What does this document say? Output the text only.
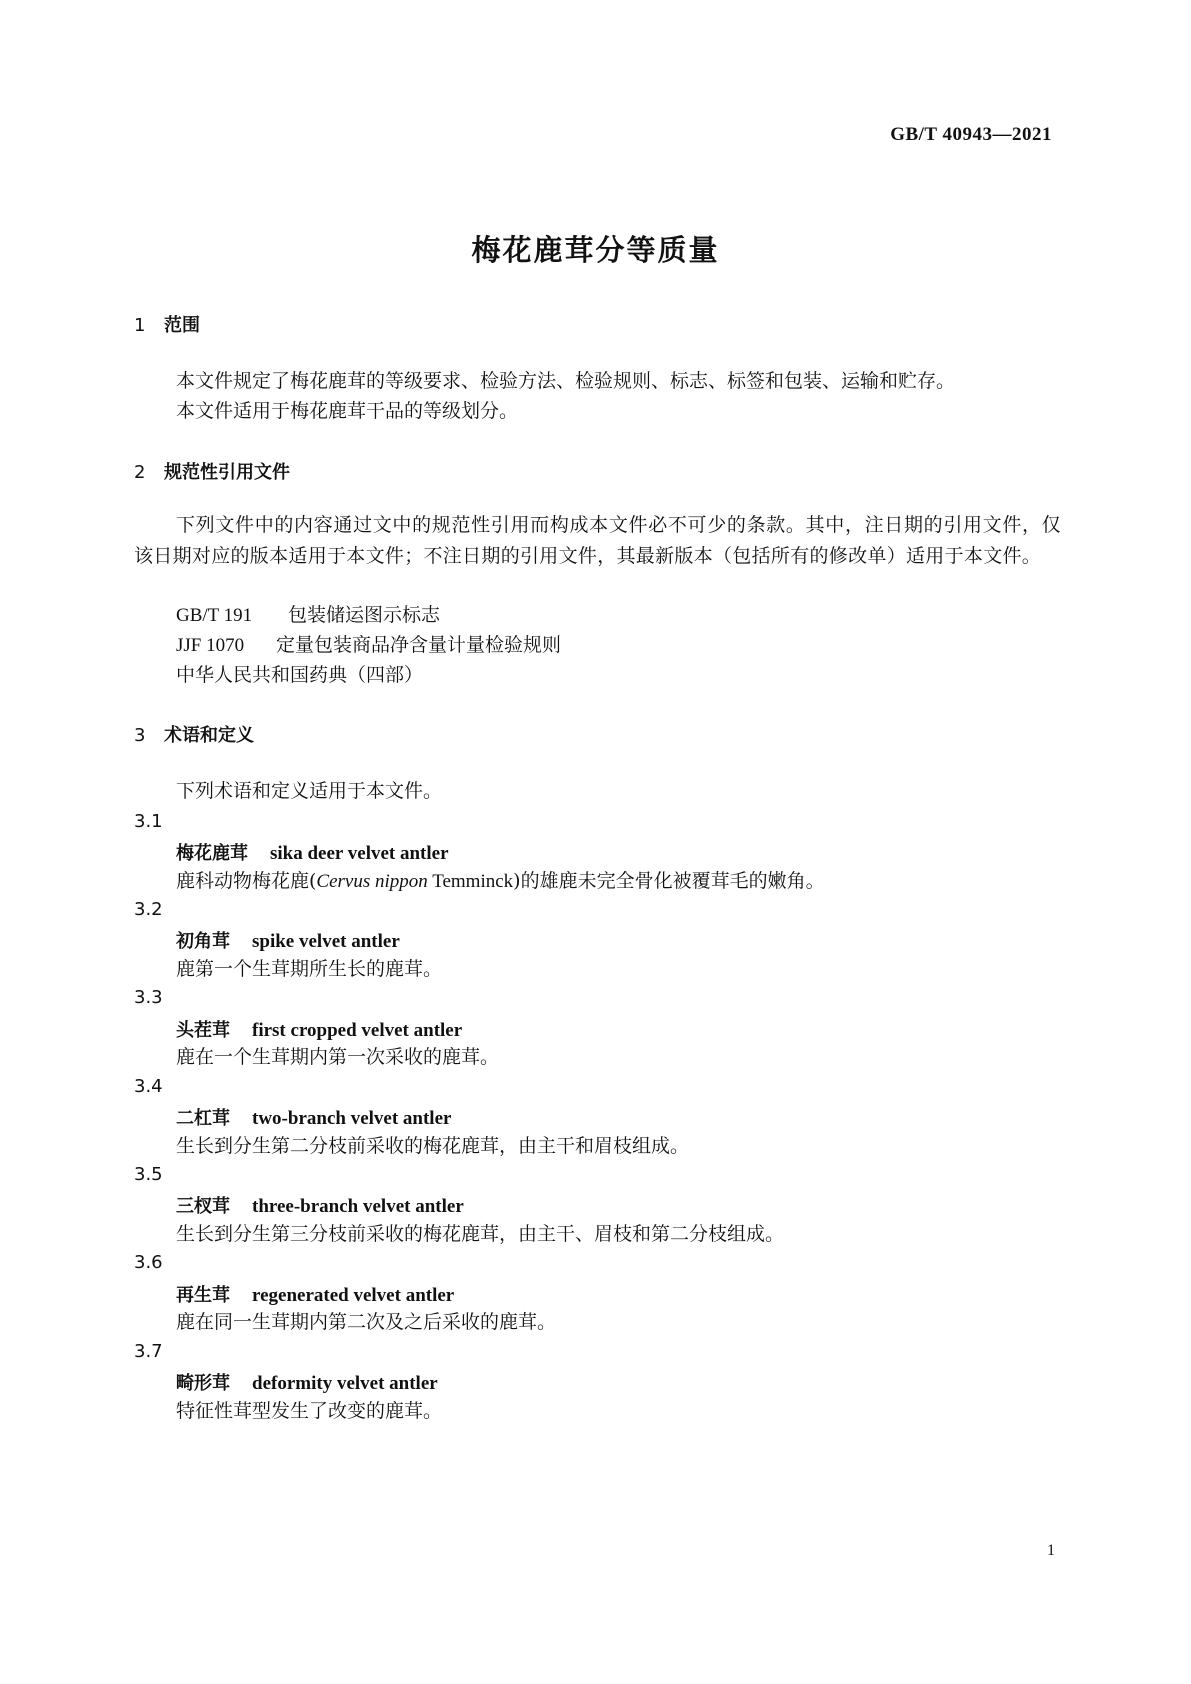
GB/T 40943—2021
梅花鹿茸分等质量
1 范围
本文件规定了梅花鹿茸的等级要求、检验方法、检验规则、标志、标签和包装、运输和贮存。
本文件适用于梅花鹿茸干品的等级划分。
2 规范性引用文件
下列文件中的内容通过文中的规范性引用而构成本文件必不可少的条款。其中，注日期的引用文件，仅该日期对应的版本适用于本文件；不注日期的引用文件，其最新版本（包括所有的修改单）适用于本文件。
GB/T 191 包装储运图示标志
JJF 1070 定量包装商品净含量计量检验规则
中华人民共和国药典（四部）
3 术语和定义
下列术语和定义适用于本文件。
3.1
梅花鹿茸 sika deer velvet antler
鹿科动物梅花鹿(Cervus nippon Temminck)的雄鹿未完全骨化被覆茸毛的嫩角。
3.2
初角茸 spike velvet antler
鹿第一个生茸期所生长的鹿茸。
3.3
头茬茸 first cropped velvet antler
鹿在一个生茸期内第一次采收的鹿茸。
3.4
二杠茸 two-branch velvet antler
生长到分生第二分枝前采收的梅花鹿茸，由主干和眉枝组成。
3.5
三杈茸 three-branch velvet antler
生长到分生第三分枝前采收的梅花鹿茸，由主干、眉枝和第二分枝组成。
3.6
再生茸 regenerated velvet antler
鹿在同一生茸期内第二次及之后采收的鹿茸。
3.7
畸形茸 deformity velvet antler
特征性茸型发生了改变的鹿茸。
1
